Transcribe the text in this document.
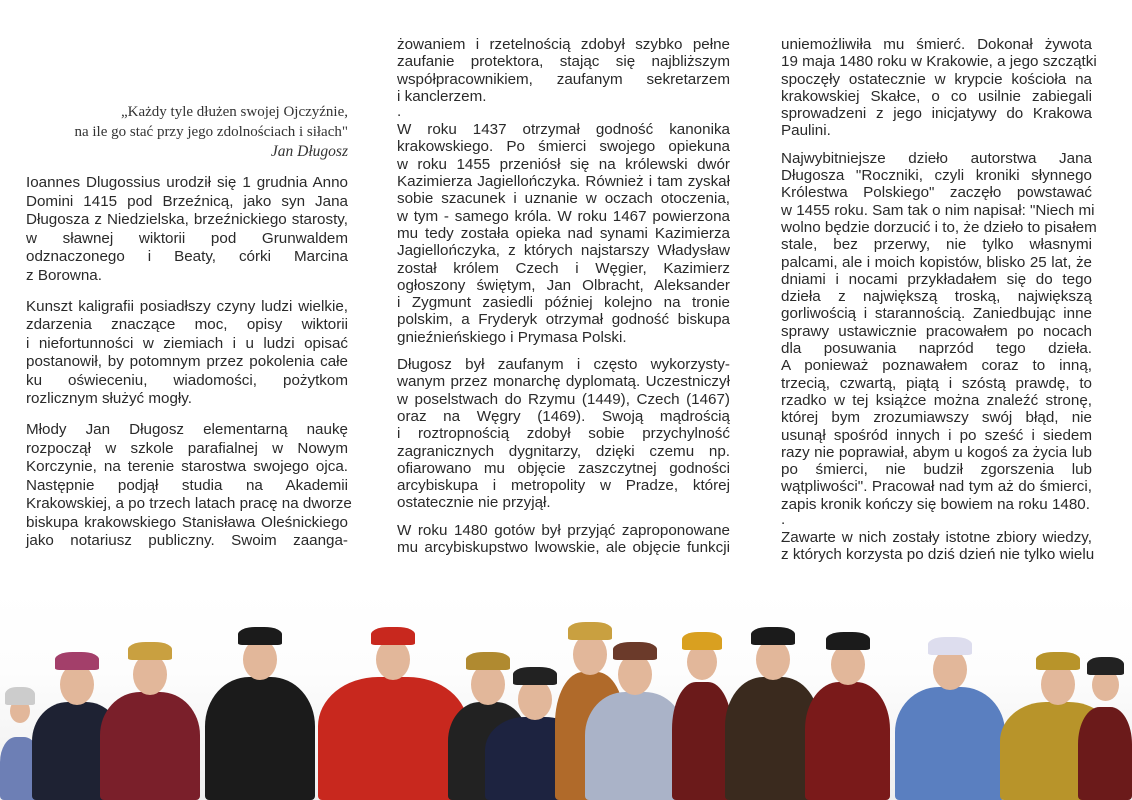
„Każdy tyle dłużen swojej Ojczyźnie,
na ile go stać przy jego zdolnościach i siłach"
Jan Długosz
Ioannes Dlugossius urodził się 1 grudnia Anno
Domini 1415 pod Brzeźnicą, jako syn Jana
Długosza z Niedzielska, brzeźnickiego starosty,
w sławnej wiktorii pod Grunwaldem
odznaczonego i Beaty, córki Marcina
z Borowna.
Kunszt kaligrafii posiadłszy czyny ludzi wielkie,
zdarzenia znaczące moc, opisy wiktorii
i niefortunności w ziemiach i u ludzi opisać
postanowił, by potomnym przez pokolenia całe
ku oświeceniu, wiadomości, pożytkom
rozlicznym służyć mogły.
Młody Jan Długosz elementarną naukę
rozpoczął w szkole parafialnej w Nowym
Korczynie, na terenie starostwa swojego ojca.
Następnie podjął studia na Akademii
Krakowskiej, a po trzech latach pracę na dworze
biskupa krakowskiego Stanisława Oleśnickiego
jako notariusz publiczny. Swoim zaanga-
żowaniem i rzetelnością zdobył szybko pełne
zaufanie protektora, stając się najbliższym
współpracownikiem, zaufanym sekretarzem
i kanclerzem.
.
W roku 1437 otrzymał godność kanonika
krakowskiego. Po śmierci swojego opiekuna
w roku 1455 przeniósł się na królewski dwór
Kazimierza Jagiellończyka. Również i tam zyskał
sobie szacunek i uznanie w oczach otoczenia,
w tym - samego króla. W roku 1467 powierzona
mu tedy została opieka nad synami Kazimierza
Jagiellończyka, z których najstarszy Władysław
został królem Czech i Węgier, Kazimierz
ogłoszony świętym, Jan Olbracht, Aleksander
i Zygmunt zasiedli później kolejno na tronie
polskim, a Fryderyk otrzymał godność biskupa
gnieźnieńskiego i Prymasa Polski.
Długosz był zaufanym i często wykorzysty-
wanym przez monarchę dyplomatą. Uczestniczył
w poselstwach do Rzymu (1449), Czech (1467)
oraz na Węgry (1469). Swoją mądrością
i roztropnością zdobył sobie przychylność
zagranicznych dygnitarzy, dzięki czemu np.
ofiarowano mu objęcie zaszczytnej godności
arcybiskupa i metropolity w Pradze, której
ostatecznie nie przyjął.
W roku 1480 gotów był przyjąć zaproponowane
mu arcybiskupstwo lwowskie, ale objęcie funkcji
uniemożliwiła mu śmierć. Dokonał żywota
19 maja 1480 roku w Krakowie, a jego szczątki
spoczęły ostatecznie w krypcie kościoła na
krakowskiej Skałce, o co usilnie zabiegali
sprowadzeni z jego inicjatywy do Krakowa
Paulini.
Najwybitniejsze dzieło autorstwa Jana
Długosza "Roczniki, czyli kroniki słynnego
Królestwa Polskiego" zaczęło powstawać
w 1455 roku. Sam tak o nim napisał: "Niech mi
wolno będzie dorzucić i to, że dzieło to pisałem
stale, bez przerwy, nie tylko własnymi
palcami, ale i moich kopistów, blisko 25 lat, że
dniami i nocami przykładałem się do tego
dzieła z największą troską, największą
gorliwością i starannością. Zaniedbując inne
sprawy ustawicznie pracowałem po nocach
dla posuwania naprzód tego dzieła.
A ponieważ poznawałem coraz to inną,
trzecią, czwartą, piątą i szóstą prawdę, to
rzadko w tej książce można znaleźć stronę,
której bym zrozumiawszy swój błąd, nie
usunął spośród innych i po sześć i siedem
razy nie poprawiał, abym u kogoś za życia lub
po śmierci, nie budził zgorszenia lub
wątpliwości". Pracował nad tym aż do śmierci,
zapis kronik kończy się bowiem na roku 1480.
.
Zawarte w nich zostały istotne zbiory wiedzy,
z których korzysta po dziś dzień nie tylko wielu
